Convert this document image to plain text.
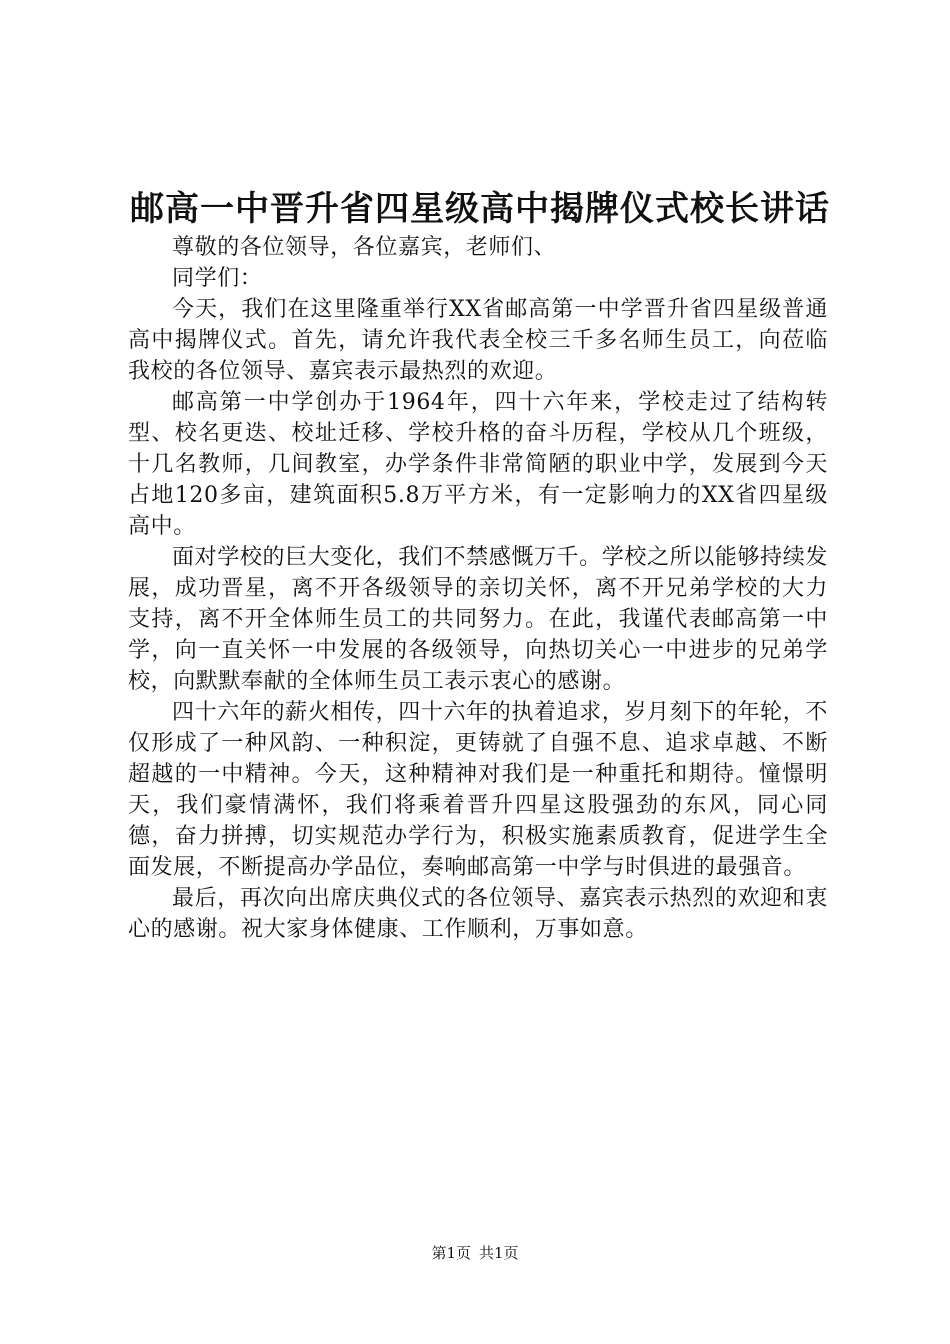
邮高一中晋升省四星级高中揭牌仪式校长讲话

尊敬的各位领导，各位嘉宾，老师们、

同学们：

今天，我们在这里隆重举行XX省邮高第一中学晋升省四星级普通高中揭牌仪式。首先，请允许我代表全校三千多名师生员工，向莅临我校的各位领导、嘉宾表示最热烈的欢迎。

邮高第一中学创办于1964年，四十六年来，学校走过了结构转型、校名更迭、校址迁移、学校升格的奋斗历程，学校从几个班级，十几名教师，几间教室，办学条件非常简陋的职业中学，发展到今天占地120多亩，建筑面积5.8万平方米，有一定影响力的XX省四星级高中。

面对学校的巨大变化，我们不禁感慨万千。学校之所以能够持续发展，成功晋星，离不开各级领导的亲切关怀，离不开兄弟学校的大力支持，离不开全体师生员工的共同努力。在此，我谨代表邮高第一中学，向一直关怀一中发展的各级领导，向热切关心一中进步的兄弟学校，向默默奉献的全体师生员工表示衷心的感谢。

四十六年的薪火相传，四十六年的执着追求，岁月刻下的年轮，不仅形成了一种风韵、一种积淀，更铸就了自强不息、追求卓越、不断超越的一中精神。今天，这种精神对我们是一种重托和期待。憧憬明天，我们豪情满怀，我们将乘着晋升四星这股强劲的东风，同心同德，奋力拼搏，切实规范办学行为，积极实施素质教育，促进学生全面发展，不断提高办学品位，奏响邮高第一中学与时俱进的最强音。

最后，再次向出席庆典仪式的各位领导、嘉宾表示热烈的欢迎和衷心的感谢。祝大家身体健康、工作顺利，万事如意。

第1页 共1页
